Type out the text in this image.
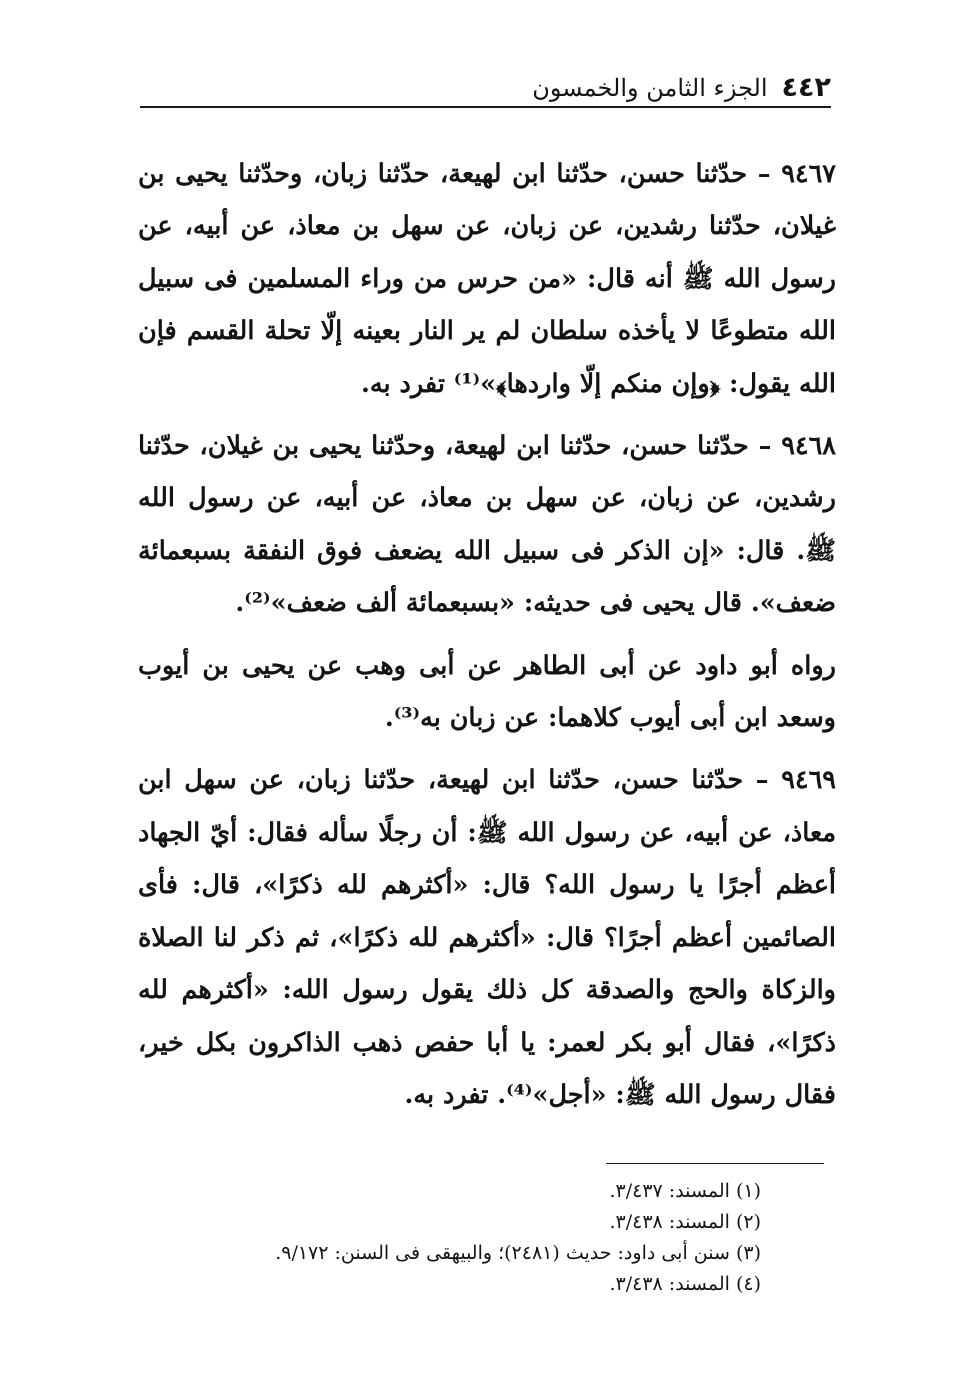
٤٤٢
الجزء الثامن والخمسون

٩٤٦٧ – حدّثنا حسن، حدّثنا ابن لهيعة، حدّثنا زبان، وحدّثنا يحيى بن غيلان، حدّثنا رشدين، عن زبان، عن سهل بن معاذ، عن أبيه، عن رسول الله ﷺ أنه قال: «من حرس من وراء المسلمين فى سبيل الله متطوعًا لا يأخذه سلطان لم ير النار بعينه إلّا تحلة القسم فإن الله يقول: ﴿وإن منكم إلّا واردها﴾»⁽¹⁾ تفرد به.

٩٤٦٨ – حدّثنا حسن، حدّثنا ابن لهيعة، وحدّثنا يحيى بن غيلان، حدّثنا رشدين، عن زبان، عن سهل بن معاذ، عن أبيه، عن رسول الله ﷺ. قال: «إن الذكر فى سبيل الله يضعف فوق النفقة بسبعمائة ضعف». قال يحيى فى حديثه: «بسبعمائة ألف ضعف»⁽²⁾.

رواه أبو داود عن أبى الطاهر عن أبى وهب عن يحيى بن أيوب وسعد ابن أبى أيوب كلاهما: عن زبان به⁽³⁾.

٩٤٦٩ – حدّثنا حسن، حدّثنا ابن لهيعة، حدّثنا زبان، عن سهل ابن معاذ، عن أبيه، عن رسول الله ﷺ: أن رجلًا سأله فقال: أيّ الجهاد أعظم أجرًا يا رسول الله؟ قال: «أكثرهم لله ذكرًا»، قال: فأى الصائمين أعظم أجرًا؟ قال: «أكثرهم لله ذكرًا»، ثم ذكر لنا الصلاة والزكاة والحج والصدقة كل ذلك يقول رسول الله: «أكثرهم لله ذكرًا»، فقال أبو بكر لعمر: يا أبا حفص ذهب الذاكرون بكل خير، فقال رسول الله ﷺ: «أجل»⁽⁴⁾. تفرد به.

(١) المسند: ٣/٤٣٧.

(٢) المسند: ٣/٤٣٨.

(٣) سنن أبى داود: حديث (٢٤٨١)؛ والبيهقى فى السنن: ٩/١٧٢.

(٤) المسند: ٣/٤٣٨.
